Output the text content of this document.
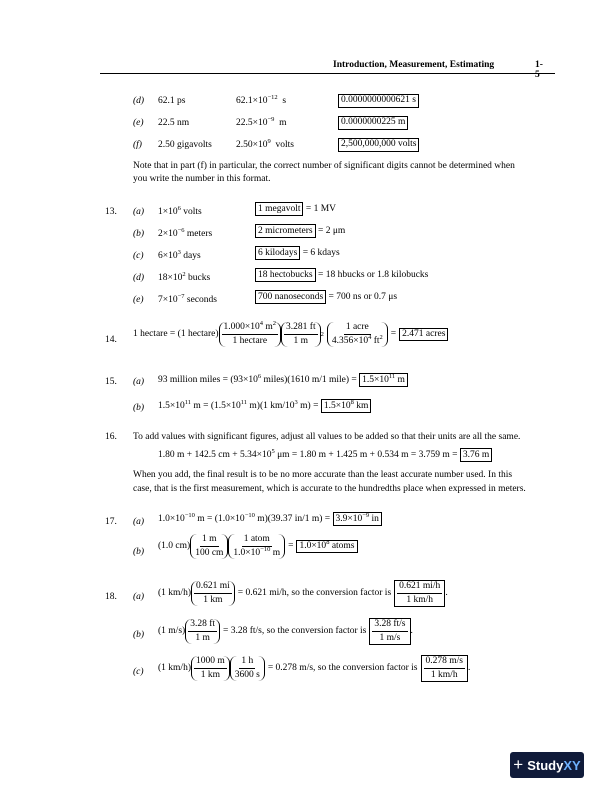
Introduction, Measurement, Estimating	1-5
(d) 62.1 ps	$62.1\times 10^{-12}$ s	0.0000000000621 s
(e) 22.5 nm	$22.5\times 10^{-9}$ m	0.0000000225 m
(f) 2.50 gigavolts	$2.50\times 10^9$ volts	2,500,000,000 volts
Note that in part (f) in particular, the correct number of significant digits cannot be determined when
you write the number in this format.
13. (a) $1\times 10^6$ volts	1 megavolt = 1 MV
(b) $2\times 10^{-6}$ meters	2 micrometers = 2 μm
(c) $6\times 10^3$ days	6 kilodays = 6 kdays
(d) $18\times 10^2$ bucks	18 hectobucks = 18 hbucks or 1.8 kilobucks
(e) $7\times 10^{-7}$ seconds	700 nanoseconds = 700 ns or 0.7 μs
14.
1 hectare = (1 hectare) $\frac{1.000\times 10^4 m^2}{\text{1 hectare}} \frac{3.281 ft}{1 m} 2 \frac{\text{1 acre}}{4.356\times 10^4 ft^2} = 2.471$ acres
15. (a) 93 million miles = ($93\times 10^6$ miles)(1610 m/1 mile) = $1.5\times 10^{11}$ m
(b) $1.5\times 10^{11}$ $m = (1.5\times 10^{11}$ m)(1 $km/10^3$ $m) = 1.5\times 10^8$ km
16. To add values with significant figures, adjust all values to be added so that their units are all the same.
1.80 m + 142.5 cm + $5.34\times 10^5$ μm = 1.80 m + 1.425 m + 0.534 m = 3.759 m = 3.76 m
When you add, the final result is to be no more accurate than the least accurate number used. In this
case, that is the first measurement, which is accurate to the hundredths place when expressed in meters.
17. (a) $1.0\times 10^{-10}$ $m = (1.0\times 10^{-10}$ m)(39.37 in/1 $m) = 3.9\times 10^{-9}$ in
(b)
(1.0 $cm) \frac{1 m}{100 cm} \frac{\text{1 atom}}{1.0\times 10^{-10} m} = 1.0\times 10^8$ atoms
18. (a) (1 $km/h) \frac{0.621 mi}{1 km} = 0.621$ mi/h, so the conversion factor is $\frac{0.621 mi/h}{1 km/h}$ .
(b) (1 $m/s) \frac{3.28 ft}{1 m} = 3.28$ ft/s, so the conversion factor is $\frac{3.28 ft/s}{1 m/s}$ .
(c) (1 $km/h) \frac{1000 m}{1 km} \frac{1 h}{3600 s} = 0.278$ m/s, so the conversion factor is $\frac{0.278 m/s}{1 km/h}$ .
+ Study XY
